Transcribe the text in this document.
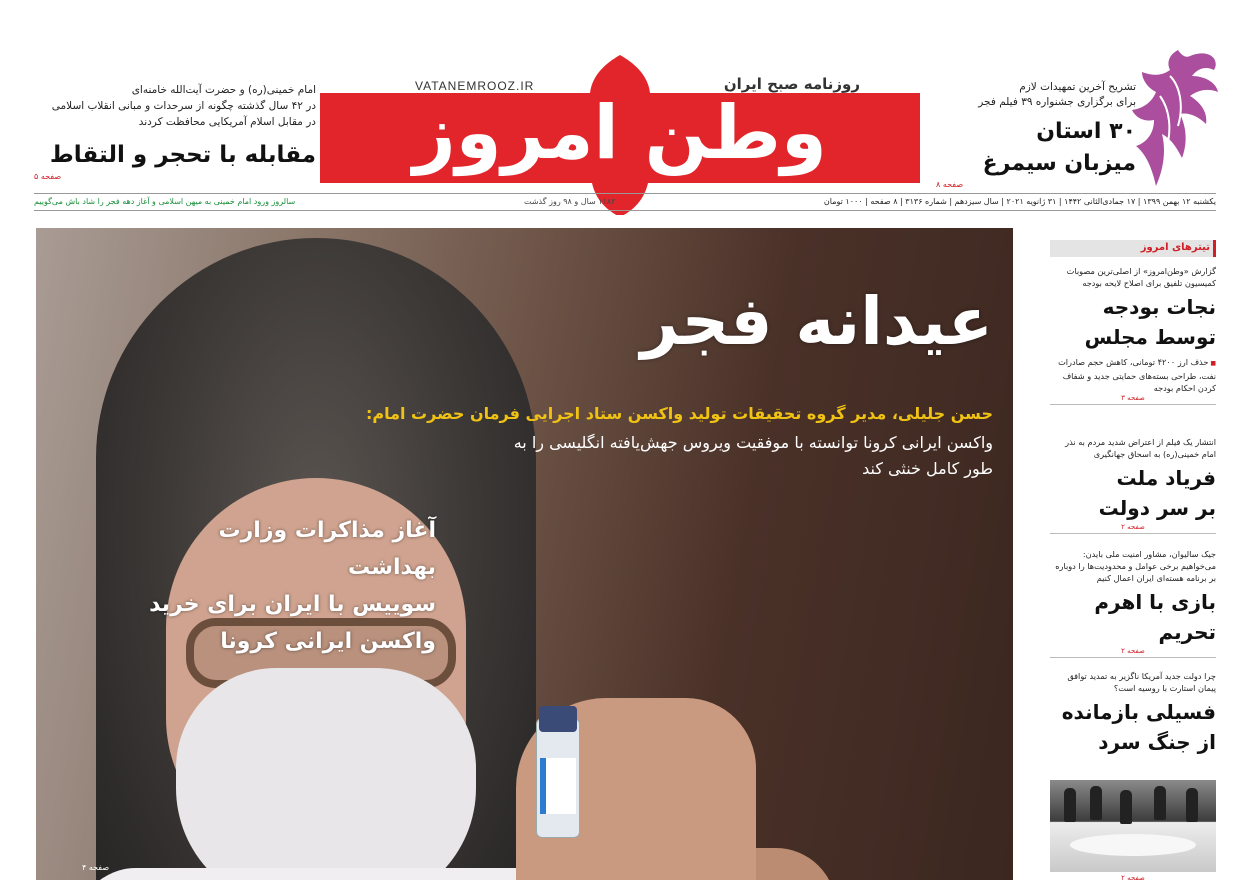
تشریح آخرین تمهیدات لازم
برای برگزاری جشنواره ۳۹ فیلم فجر
۳۰ استان
میزبان سیمرغ
صفحه ۸
وطن امروز
روزنامه صبح ایران
VATANEMROOZ.IR
امام خمینی(ره) و حضرت آیت‌الله خامنه‌ای
در ۴۲ سال گذشته چگونه از سرحدات و مبانی انقلاب اسلامی
در مقابل اسلام آمریکایی محافظت کردند
مقابله با تحجر و التقاط
صفحه ۵
یکشنبه ۱۲ بهمن ۱۳۹۹ | ۱۷ جمادی‌الثانی ۱۴۴۲ | ۳۱ ژانویه ۲۰۲۱ | سال سیزدهم | شماره ۳۱۳۶ | ۸ صفحه | ۱۰۰۰ تومان
۱۱۸۲ سال و ۹۸ روز گذشت
سالروز ورود امام خمینی به میهن اسلامی و آغاز دهه فجر را شاد باش می‌گوییم
عیدانه فجر
حسن جلیلی، مدیر گروه تحقیقات تولید واکسن ستاد اجرایی فرمان حضرت امام:
واکسن ایرانی کرونا توانسته با موفقیت ویروس جهش‌یافته انگلیسی را به طور کامل خنثی کند
آغاز مذاکرات وزارت بهداشت
سوییس با ایران برای خرید
واکسن ایرانی کرونا
صفحه ۴
تیترهای امروز
گزارش «وطن‌امروز» از اصلی‌ترین مصوبات کمیسیون تلفیق برای اصلاح لایحه بودجه
نجات بودجه
توسط مجلس
■ حذف ارز ۴۲۰۰ تومانی، کاهش حجم صادرات نفت، طراحی بسته‌های حمایتی جدید و شفاف کردن احکام بودجه
صفحه ۳
انتشار یک فیلم از اعتراض شدید مردم به نذر امام خمینی(ره) به اسحاق جهانگیری
فریاد ملت
بر سر دولت
صفحه ۲
جیک سالیوان، مشاور امنیت ملی بایدن: می‌خواهیم برخی عوامل و محدودیت‌ها را دوباره بر برنامه هسته‌ای ایران اعمال کنیم
بازی با اهرم
تحریم
صفحه ۲
چرا دولت جدید آمریکا ناگزیر به تمدید توافق پیمان استارت با روسیه است؟
فسیلی بازمانده
از جنگ سرد
صفحه ۲
